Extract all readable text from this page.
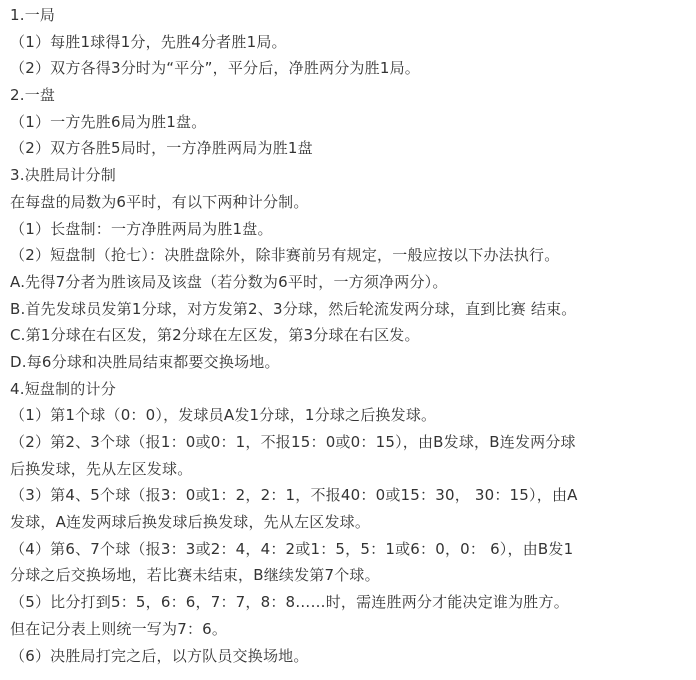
1.一局
（1）每胜1球得1分，先胜4分者胜1局。
（2）双方各得3分时为“平分”，平分后，净胜两分为胜1局。
2.一盘
（1）一方先胜6局为胜1盘。
（2）双方各胜5局时，一方净胜两局为胜1盘
3.决胜局计分制
在每盘的局数为6平时，有以下两种计分制。
（1）长盘制：一方净胜两局为胜1盘。
（2）短盘制（抢七）：决胜盘除外，除非赛前另有规定，一般应按以下办法执行。
A.先得7分者为胜该局及该盘（若分数为6平时，一方须净两分）。
B.首先发球员发第1分球，对方发第2、3分球，然后轮流发两分球，直到比赛 结束。
C.第1分球在右区发，第2分球在左区发，第3分球在右区发。
D.每6分球和决胜局结束都要交换场地。
4.短盘制的计分
（1）第1个球（0：0），发球员A发1分球，1分球之后换发球。
（2）第2、3个球（报1：0或0：1，不报15：0或0：15），由B发球，B连发两分球
后换发球，先从左区发球。
（3）第4、5个球（报3：0或1：2，2：1，不报40：0或15：30， 30：15），由A
发球，A连发两球后换发球后换发球，先从左区发球。
（4）第6、7个球（报3：3或2：4，4：2或1：5，5：1或6：0，0： 6），由B发1
分球之后交换场地，若比赛未结束，B继续发第7个球。
（5）比分打到5：5，6：6，7：7，8：8……时，需连胜两分才能决定谁为胜方。
但在记分表上则统一写为7：6。
（6）决胜局打完之后，以方队员交换场地。
